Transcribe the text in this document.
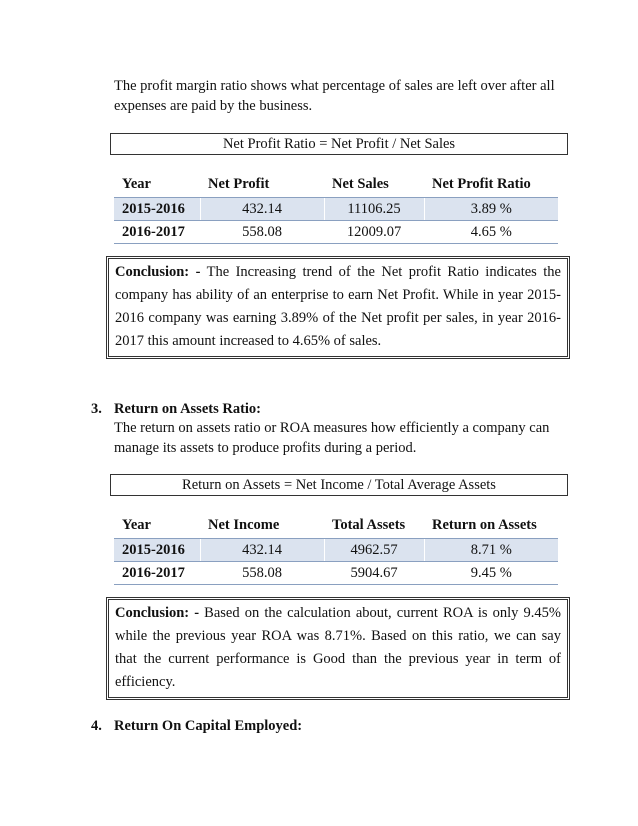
The profit margin ratio shows what percentage of sales are left over after all expenses are paid by the business.
Net Profit Ratio = Net Profit / Net Sales
Year	Net Profit	Net Sales	Net Profit Ratio
2015-2016	432.14	11106.25	3.89 %
2016-2017	558.08	12009.07	4.65 %
Conclusion: - The Increasing trend of the Net profit Ratio indicates the company has ability of an enterprise to earn Net Profit. While in year 2015-2016 company was earning 3.89% of the Net profit per sales, in year 2016-2017 this amount increased to 4.65% of sales.
3. Return on Assets Ratio:
The return on assets ratio or ROA measures how efficiently a company can manage its assets to produce profits during a period.
Return on Assets = Net Income / Total Average Assets
Year	Net Income	Total Assets	Return on Assets
2015-2016	432.14	4962.57	8.71 %
2016-2017	558.08	5904.67	9.45 %
Conclusion: - Based on the calculation about, current ROA is only 9.45% while the previous year ROA was 8.71%. Based on this ratio, we can say that the current performance is Good than the previous year in term of efficiency.
4. Return On Capital Employed:
